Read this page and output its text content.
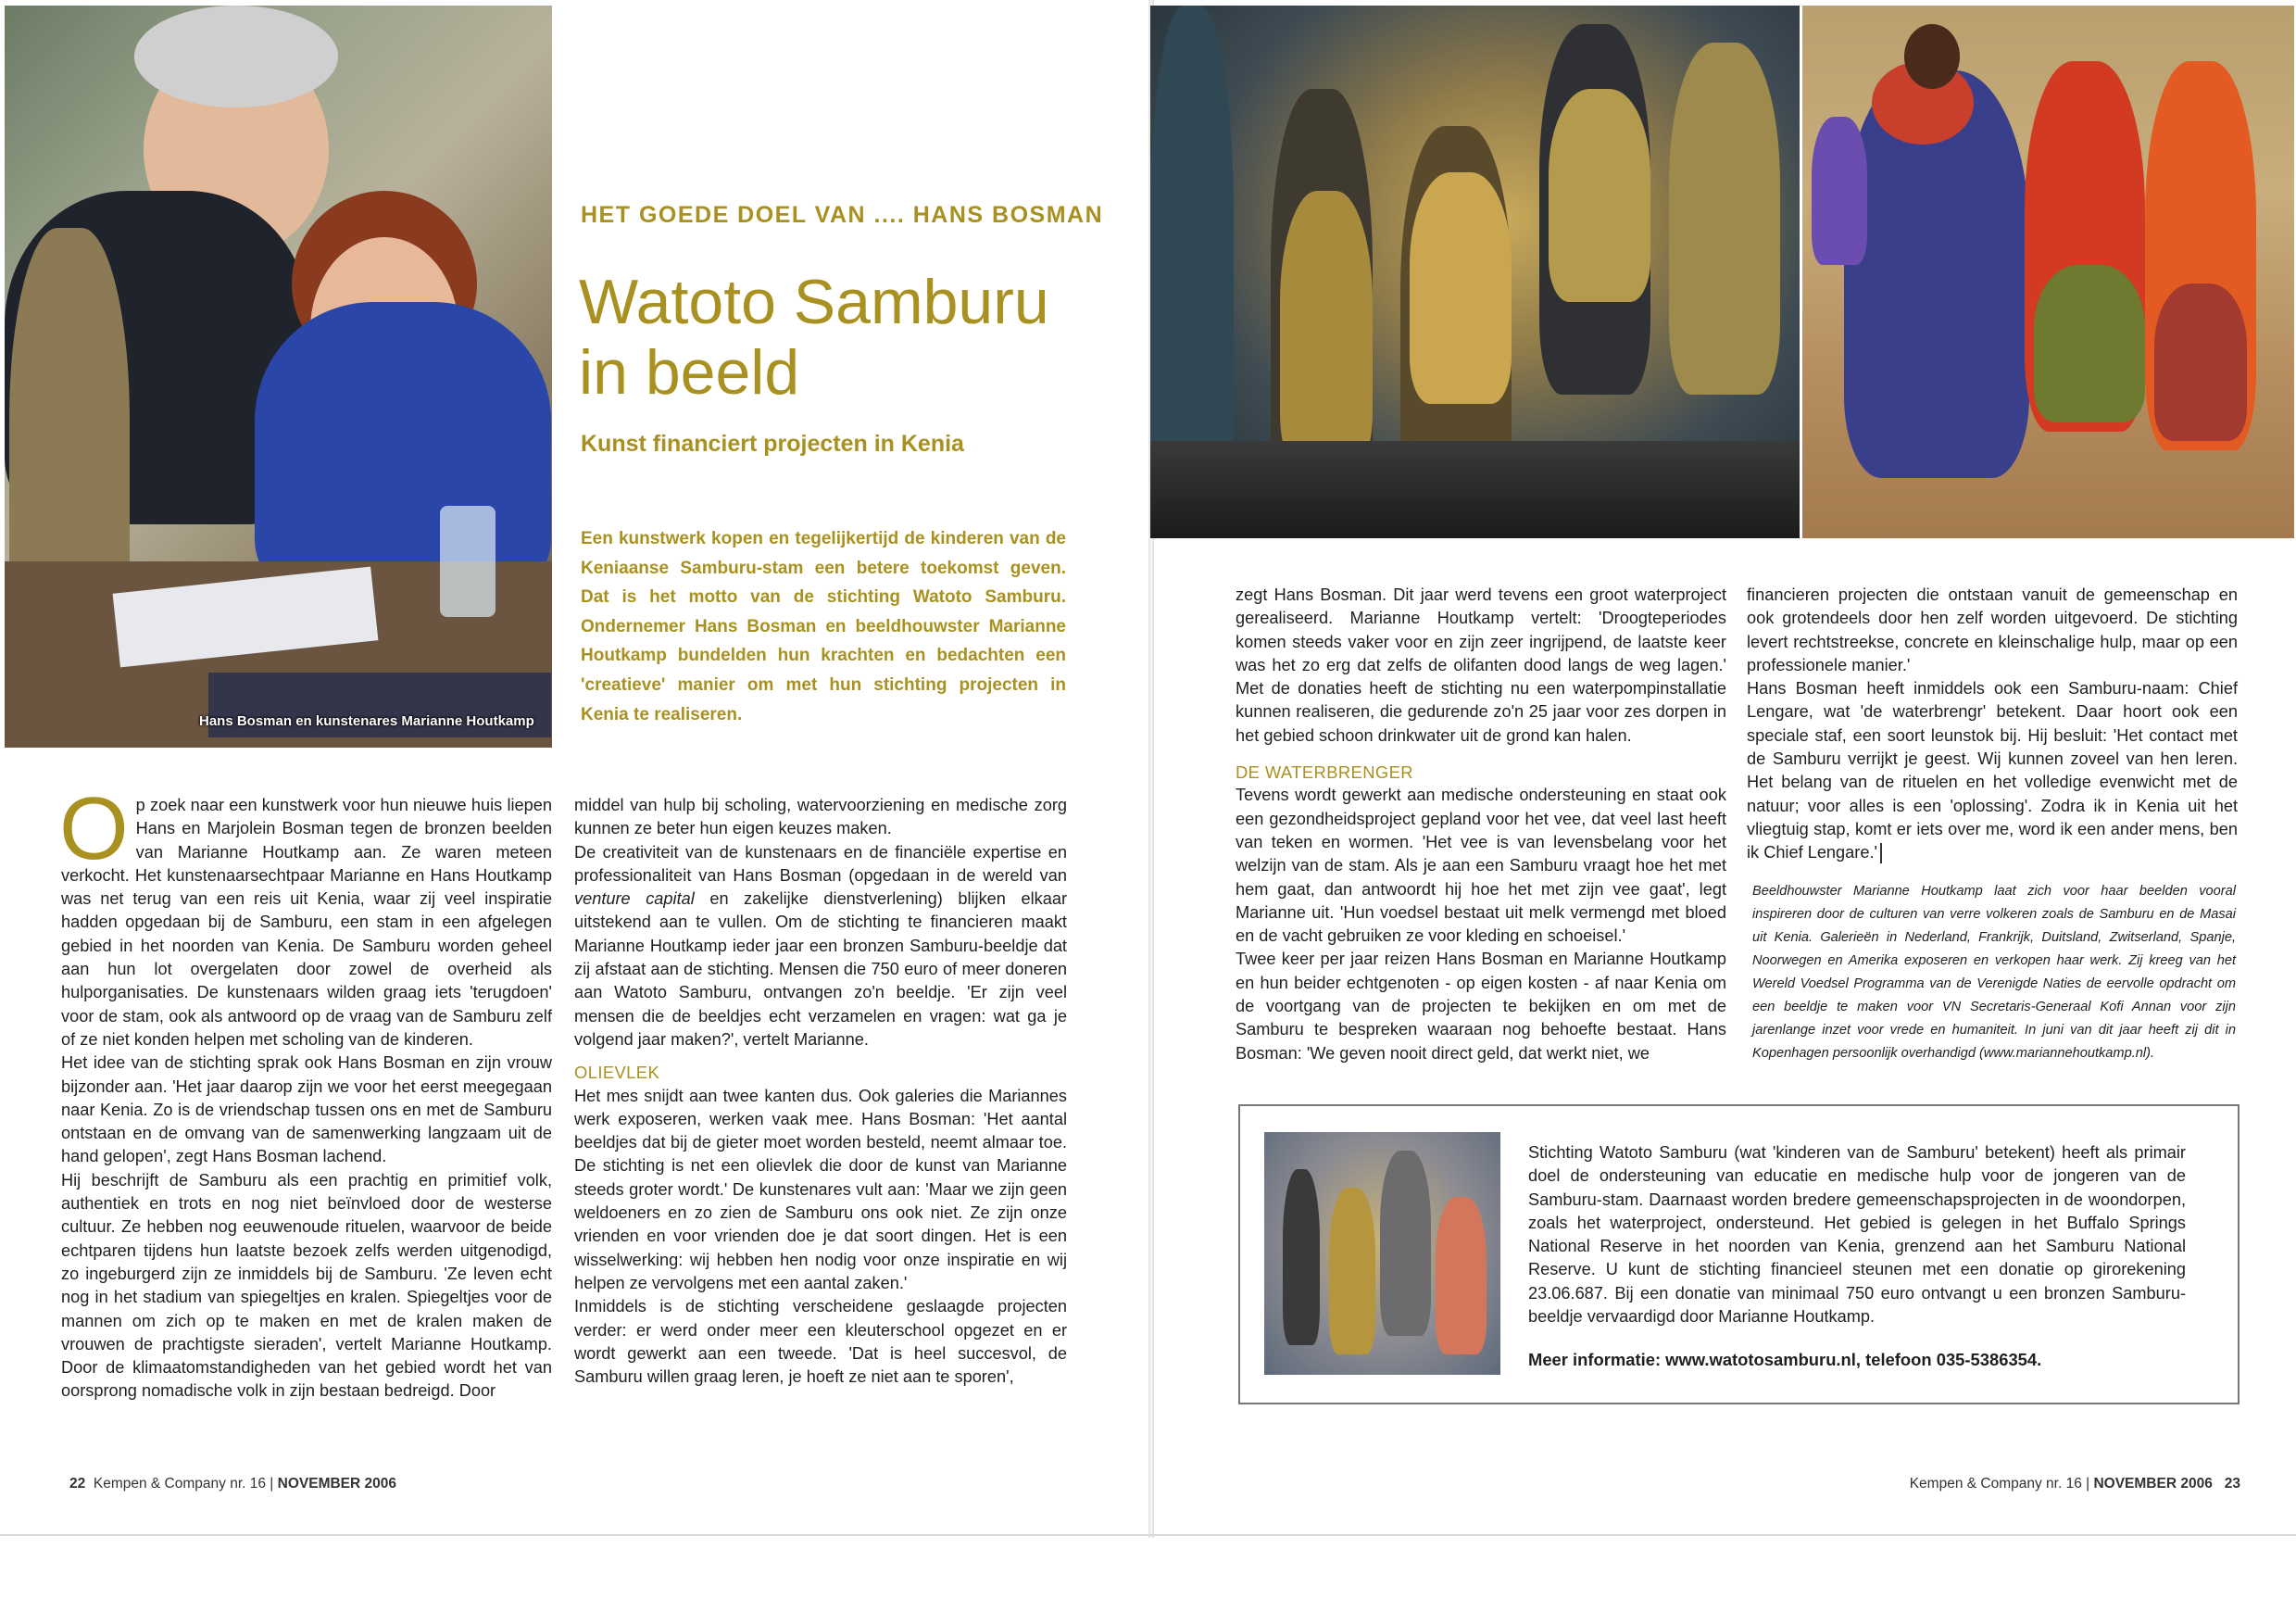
Hans Bosman en kunstenares Marianne Houtkamp
HET GOEDE DOEL VAN .... HANS BOSMAN
Watoto Samburu in beeld
Kunst financiert projecten in Kenia
Een kunstwerk kopen en tegelijkertijd de kinderen van de Keniaanse Samburu-stam een betere toekomst geven. Dat is het motto van de stichting Watoto Samburu. Ondernemer Hans Bosman en beeldhouwster Marianne Houtkamp bundelden hun krachten en bedachten een 'creatieve' manier om met hun stichting projecten in Kenia te realiseren.

Op zoek naar een kunstwerk voor hun nieuwe huis liepen Hans en Marjolein Bosman tegen de bronzen beelden van Marianne Houtkamp aan. Ze waren meteen verkocht. Het kunstenaarsechtpaar Marianne en Hans Houtkamp was net terug van een reis uit Kenia, waar zij veel inspiratie hadden opgedaan bij de Samburu, een stam in een afgelegen gebied in het noorden van Kenia. De Samburu worden geheel aan hun lot overgelaten door zowel de overheid als hulporganisaties. De kunstenaars wilden graag iets 'terugdoen' voor de stam, ook als antwoord op de vraag van de Samburu zelf of ze niet konden helpen met scholing van de kinderen.

Het idee van de stichting sprak ook Hans Bosman en zijn vrouw bijzonder aan. 'Het jaar daarop zijn we voor het eerst meegegaan naar Kenia. Zo is de vriendschap tussen ons en met de Samburu ontstaan en de omvang van de samenwerking langzaam uit de hand gelopen', zegt Hans Bosman lachend.

Hij beschrijft de Samburu als een prachtig en primitief volk, authentiek en trots en nog niet beïnvloed door de westerse cultuur. Ze hebben nog eeuwenoude rituelen, waarvoor de beide echtparen tijdens hun laatste bezoek zelfs werden uitgenodigd, zo ingeburgerd zijn ze inmiddels bij de Samburu. 'Ze leven echt nog in het stadium van spiegeltjes en kralen. Spiegeltjes voor de mannen om zich op te maken en met de kralen maken de vrouwen de prachtigste sieraden', vertelt Marianne Houtkamp. Door de klimaatomstandigheden van het gebied wordt het van oorsprong nomadische volk in zijn bestaan bedreigd. Door

middel van hulp bij scholing, watervoorziening en medische zorg kunnen ze beter hun eigen keuzes maken.

De creativiteit van de kunstenaars en de financiële expertise en professionaliteit van Hans Bosman (opgedaan in de wereld van venture capital en zakelijke dienstverlening) blijken elkaar uitstekend aan te vullen. Om de stichting te financieren maakt Marianne Houtkamp ieder jaar een bronzen Samburu-beeldje dat zij afstaat aan de stichting. Mensen die 750 euro of meer doneren aan Watoto Samburu, ontvangen zo'n beeldje. 'Er zijn veel mensen die de beeldjes echt verzamelen en vragen: wat ga je volgend jaar maken?', vertelt Marianne.

OLIEVLEK

Het mes snijdt aan twee kanten dus. Ook galeries die Mariannes werk exposeren, werken vaak mee. Hans Bosman: 'Het aantal beeldjes dat bij de gieter moet worden besteld, neemt almaar toe. De stichting is net een olievlek die door de kunst van Marianne steeds groter wordt.' De kunstenares vult aan: 'Maar we zijn geen weldoeners en zo zien de Samburu ons ook niet. Ze zijn onze vrienden en voor vrienden doe je dat soort dingen. Het is een wisselwerking: wij hebben hen nodig voor onze inspiratie en wij helpen ze vervolgens met een aantal zaken.'

Inmiddels is de stichting verscheidene geslaagde projecten verder: er werd onder meer een kleuterschool opgezet en er wordt gewerkt aan een tweede. 'Dat is heel succesvol, de Samburu willen graag leren, je hoeft ze niet aan te sporen',

zegt Hans Bosman. Dit jaar werd tevens een groot waterproject gerealiseerd. Marianne Houtkamp vertelt: 'Droogteperiodes komen steeds vaker voor en zijn zeer ingrijpend, de laatste keer was het zo erg dat zelfs de olifanten dood langs de weg lagen.' Met de donaties heeft de stichting nu een waterpompinstallatie kunnen realiseren, die gedurende zo'n 25 jaar voor zes dorpen in het gebied schoon drinkwater uit de grond kan halen.

DE WATERBRENGER

Tevens wordt gewerkt aan medische ondersteuning en staat ook een gezondheidsproject gepland voor het vee, dat veel last heeft van teken en wormen. 'Het vee is van levensbelang voor het welzijn van de stam. Als je aan een Samburu vraagt hoe het met hem gaat, dan antwoordt hij hoe het met zijn vee gaat', legt Marianne uit. 'Hun voedsel bestaat uit melk vermengd met bloed en de vacht gebruiken ze voor kleding en schoeisel.'

Twee keer per jaar reizen Hans Bosman en Marianne Houtkamp en hun beider echtgenoten - op eigen kosten - af naar Kenia om de voortgang van de projecten te bekijken en om met de Samburu te bespreken waaraan nog behoefte bestaat. Hans Bosman: 'We geven nooit direct geld, dat werkt niet, we

financieren projecten die ontstaan vanuit de gemeenschap en ook grotendeels door hen zelf worden uitgevoerd. De stichting levert rechtstreekse, concrete en kleinschalige hulp, maar op een professionele manier.'

Hans Bosman heeft inmiddels ook een Samburu-naam: Chief Lengare, wat 'de waterbrengr' betekent. Daar hoort ook een speciale staf, een soort leunstok bij. Hij besluit: 'Het contact met de Samburu verrijkt je geest. Wij kunnen zoveel van hen leren. Het belang van de rituelen en het volledige evenwicht met de natuur; voor alles is een 'oplossing'. Zodra ik in Kenia uit het vliegtuig stap, komt er iets over me, word ik een ander mens, ben ik Chief Lengare.'

Beeldhouwster Marianne Houtkamp laat zich voor haar beelden vooral inspireren door de culturen van verre volkeren zoals de Samburu en de Masai uit Kenia. Galerieën in Nederland, Frankrijk, Duitsland, Zwitserland, Spanje, Noorwegen en Amerika exposeren en verkopen haar werk. Zij kreeg van het Wereld Voedsel Programma van de Verenigde Naties de eervolle opdracht om een beeldje te maken voor VN Secretaris-Generaal Kofi Annan voor zijn jarenlange inzet voor vrede en humaniteit. In juni van dit jaar heeft zij dit in Kopenhagen persoonlijk overhandigd (www.mariannehoutkamp.nl).
Stichting Watoto Samburu (wat 'kinderen van de Samburu' betekent) heeft als primair doel de ondersteuning van educatie en medische hulp voor de jongeren van de Samburu-stam. Daarnaast worden bredere gemeenschapsprojecten in de woondorpen, zoals het waterproject, ondersteund. Het gebied is gelegen in het Buffalo Springs National Reserve in het noorden van Kenia, grenzend aan het Samburu National Reserve. U kunt de stichting financieel steunen met een donatie op girorekening 23.06.687. Bij een donatie van minimaal 750 euro ontvangt u een bronzen Samburu-beeldje vervaardigd door Marianne Houtkamp.
Meer informatie: www.watotosamburu.nl, telefoon 035-5386354.
22 Kempen & Company nr. 16 | NOVEMBER 2006	Kempen & Company nr. 16 | NOVEMBER 2006 23
